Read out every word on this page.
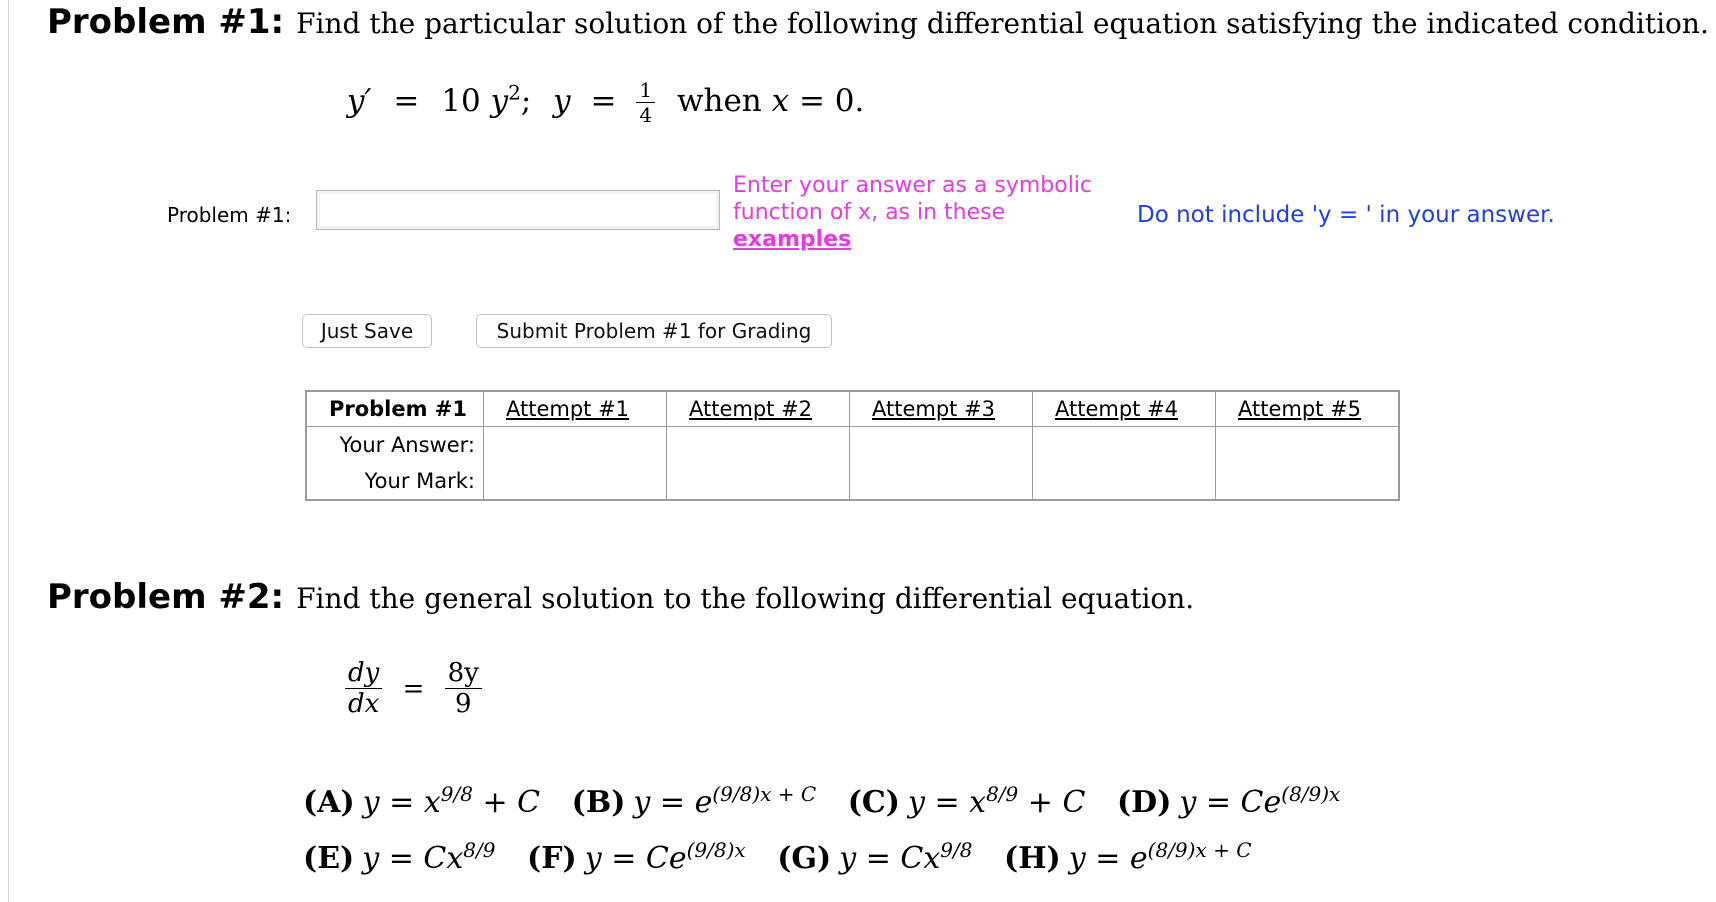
Problem #1: Find the particular solution of the following differential equation satisfying the indicated condition.
y′ = 10 $y^2$; $y = \frac{1}{4}$ when x = 0.
Problem #1:
Enter your answer as a symbolic function of x, as in these
examples
Do not include 'y = ' in your answer.
Just Save	Submit Problem #1 for Grading
Problem #1	Attempt #1	Attempt #2	Attempt #3	Attempt #4	Attempt #5
Your Answer:					
Your Mark:					
Problem #2: Find the general solution to the following differential equation.
$\frac{dy}{dx} = \frac{8y}{9}$
(A) $y = x^{9/8} + C$ (B) $y = e^{(9/8)x + C}$ (C) $y = x^{8/9} + C$ (D) $y = Ce^{(8/9)x}$
(E) $y = Cx^{8/9}$ (F) $y = Ce^{(9/8)x}$ (G) $y = Cx^{9/8}$ (H) $y = e^{(8/9)x + C}$
